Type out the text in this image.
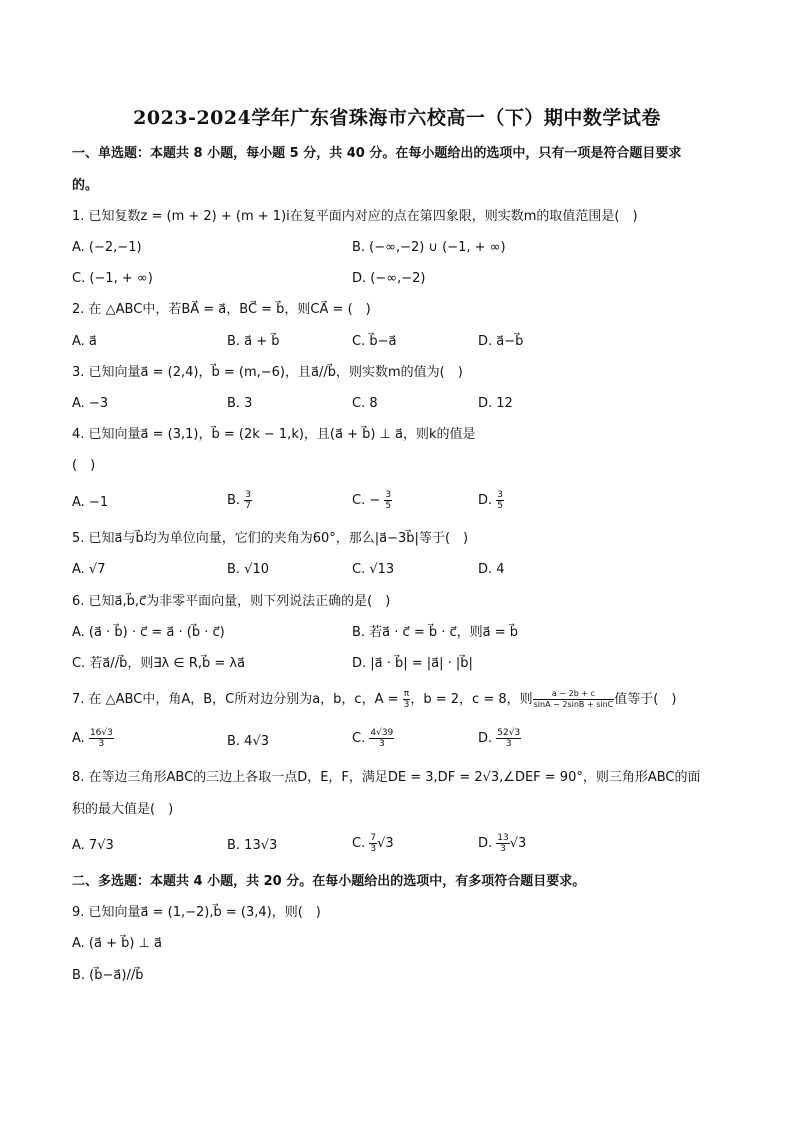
2023-2024学年广东省珠海市六校高一（下）期中数学试卷
一、单选题：本题共 8 小题，每小题 5 分，共 40 分。在每小题给出的选项中，只有一项是符合题目要求
的。
1. 已知复数z = (m + 2) + (m + 1)i在复平面内对应的点在第四象限，则实数m的取值范围是(　)
A. (−2,−1)	B. (−∞,−2) ∪ (−1, + ∞)
C. (−1, + ∞)	D. (−∞,−2)
2. 在 △ABC中，若BA⃗ = a⃗，BC⃗ = b⃗，则CA⃗ = (　)
A. a⃗	B. a⃗ + b⃗	C. b⃗−a⃗	D. a⃗−b⃗
3. 已知向量a⃗ = (2,4)，b⃗ = (m,−6)，且a⃗//b⃗，则实数m的值为(　)
A. −3	B. 3	C. 8	D. 12
4. 已知向量a⃗ = (3,1)，b⃗ = (2k − 1,k)，且(a⃗ + b⃗) ⊥ a⃗，则k的值是
(　)
A. −1	B. $\frac{3}{7}$	C. − $\frac{3}{5}$	D. $\frac{3}{5}$
5. 已知a⃗与b⃗均为单位向量，它们的夹角为60°，那么|a⃗−3b⃗|等于(　)
A. √7	B. √10	C. √13	D. 4
6. 已知a⃗,b⃗,c⃗为非零平面向量，则下列说法正确的是(　)
A. (a⃗ · b⃗) · c⃗ = a⃗ · (b⃗ · c⃗)	B. 若a⃗ · c⃗ = b⃗ · c⃗，则a⃗ = b⃗
C. 若a⃗//b⃗，则∃λ ∈ R,b⃗ = λa⃗	D. |a⃗ · b⃗| = |a⃗| · |b⃗|
7. 在 △ABC中，角A，B，C所对边分别为a，b，c，$A = \frac{\pi}{3}$ ，b = 2，c = 8，则 $\frac{a - 2b + c}{\sin A - 2\sin B + \sin C}$ 值等于(　)
A. $\frac{16√3}{3}$	B. 4√3	C. $\frac{4√39}{3}$	D. $\frac{52√3}{3}$
8. 在等边三角形ABC的三边上各取一点D，E，F，满足DE = 3,DF = 2√3,∠DEF = 90°，则三角形ABC的面
积的最大值是(　)
A. 7√3	B. 13√3	C. $\frac{7}{3} √3$	D. $\frac{13}{3} √3$
二、多选题：本题共 4 小题，共 20 分。在每小题给出的选项中，有多项符合题目要求。
9. 已知向量a⃗ = (1,−2),b⃗ = (3,4)，则(　)
A. (a⃗ + b⃗) ⊥ a⃗
B. (b⃗−a⃗)//b⃗
